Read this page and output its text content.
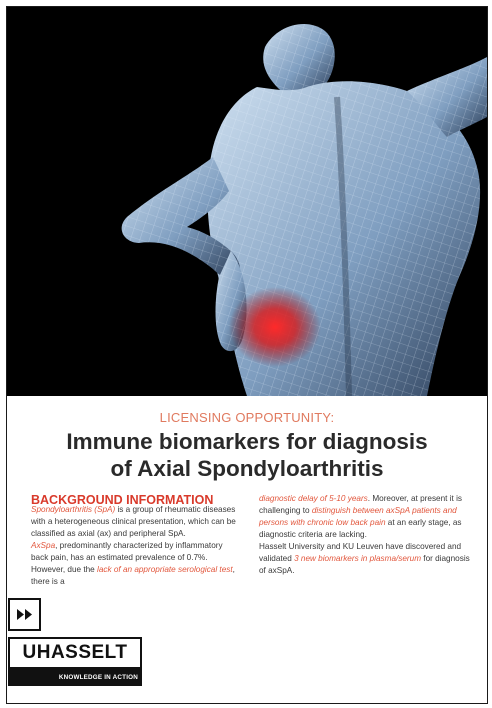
LICENSING OPPORTUNITY:
Immune biomarkers for diagnosis
of Axial Spondyloarthritis
BACKGROUND INFORMATION

Spondyloarthritis (SpA) is a group of rheumatic diseases with a heterogeneous clinical presentation, which can be classified as axial (ax) and peripheral SpA.

AxSpa, predominantly characterized by inflammatory back pain, has an estimated prevalence of 0.7%. However, due the lack of an appropriate serological test, there is a

diagnostic delay of 5-10 years. Moreover, at present it is challenging to distinguish between axSpA patients and persons with chronic low back pain at an early stage, as diagnostic criteria are lacking.

Hasselt University and KU Leuven have discovered and validated 3 new biomarkers in plasma/serum for diagnosis of axSpA.

UHASSELT
KNOWLEDGE IN ACTION
